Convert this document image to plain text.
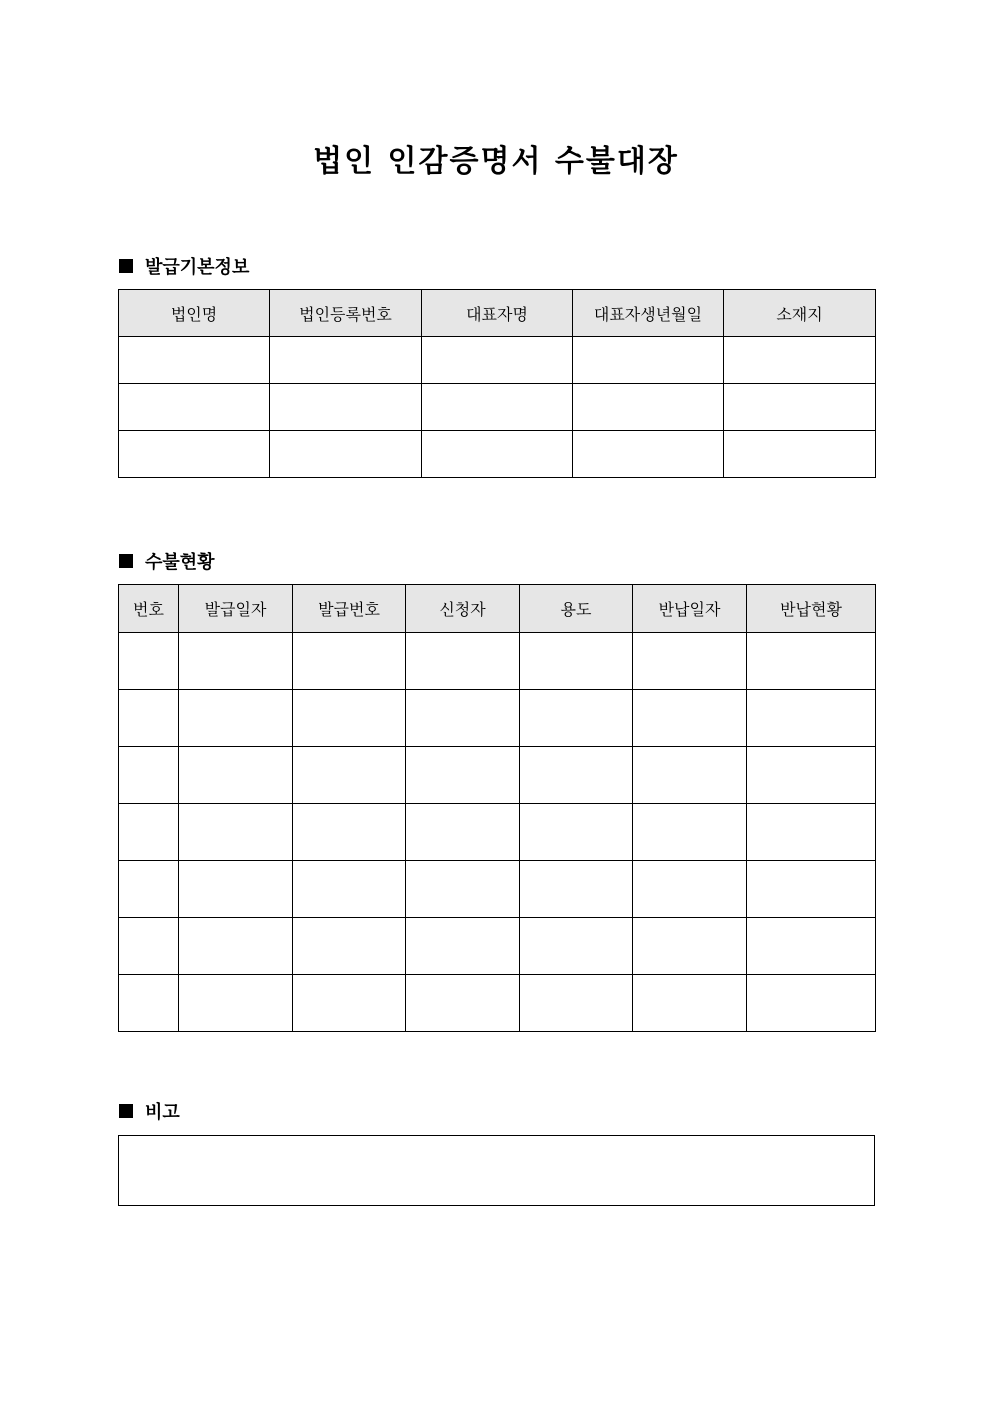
법인 인감증명서 수불대장
발급기본정보
법인명	법인등록번호	대표자명	대표자생년월일	소재지

수불현황
번호	발급일자	발급번호	신청자	용도	반납일자	반납현황

비고
